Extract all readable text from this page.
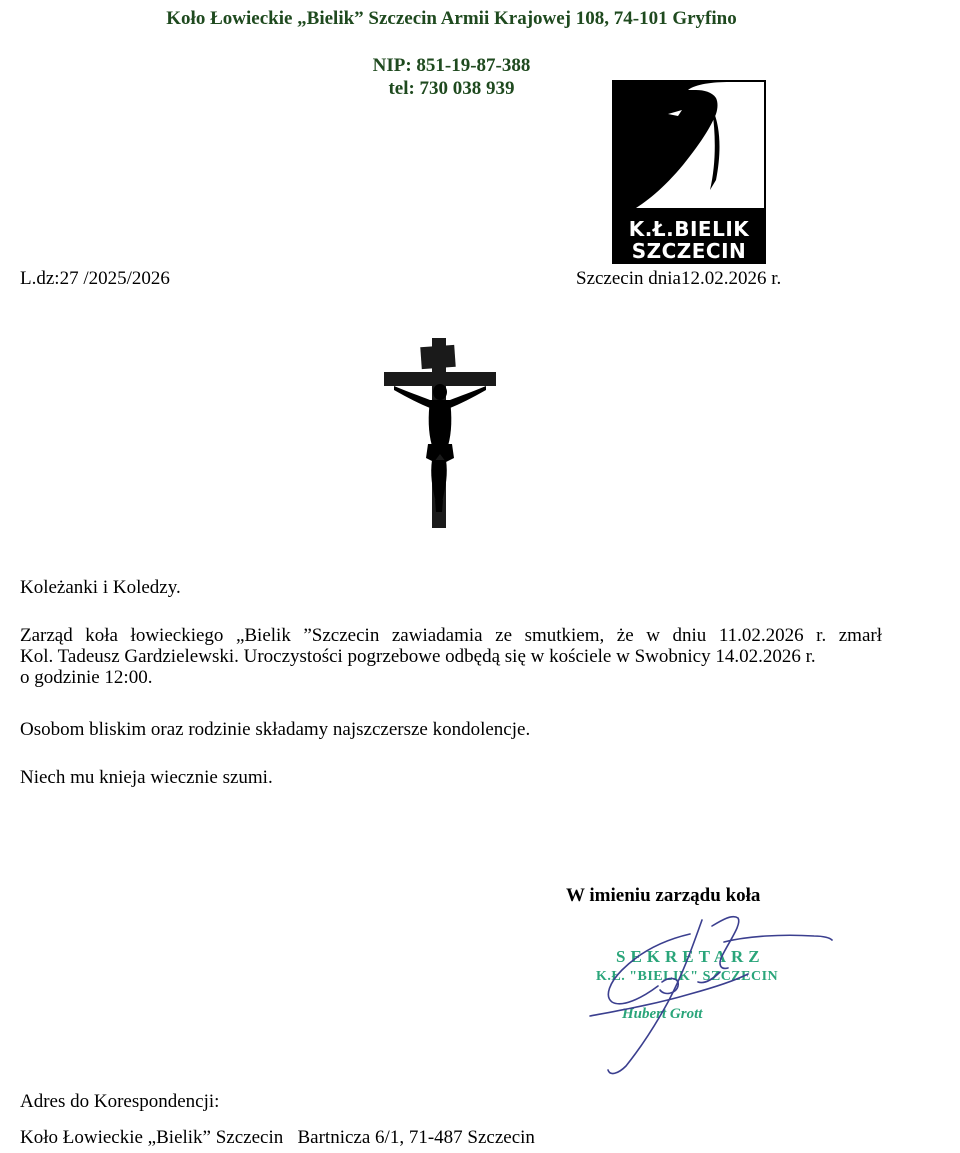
Koło Łowieckie „Bielik” Szczecin Armii Krajowej 108, 74-101 Gryfino
NIP: 851-19-87-388
tel: 730 038 939
K.Ł.BIELIK
SZCZECIN
L.dz:27 /2025/2026	Szczecin dnia12.02.2026 r.
Koleżanki i Koledzy.
Zarząd koła łowieckiego „Bielik ”Szczecin zawiadamia ze smutkiem, że w dniu 11.02.2026 r. zmarł
Kol. Tadeusz Gardzielewski. Uroczystości pogrzebowe odbędą się w kościele w Swobnicy 14.02.2026 r.
o godzinie 12:00.
Osobom bliskim oraz rodzinie składamy najszczersze kondolencje.
Niech mu knieja wiecznie szumi.
W imieniu zarządu koła
SEKRETARZ
K.Ł. "BIELIK" SZCZECIN
Hubert Grott
Adres do Korespondencji:
Koło Łowieckie „Bielik” Szczecin   Bartnicza 6/1, 71-487 Szczecin
